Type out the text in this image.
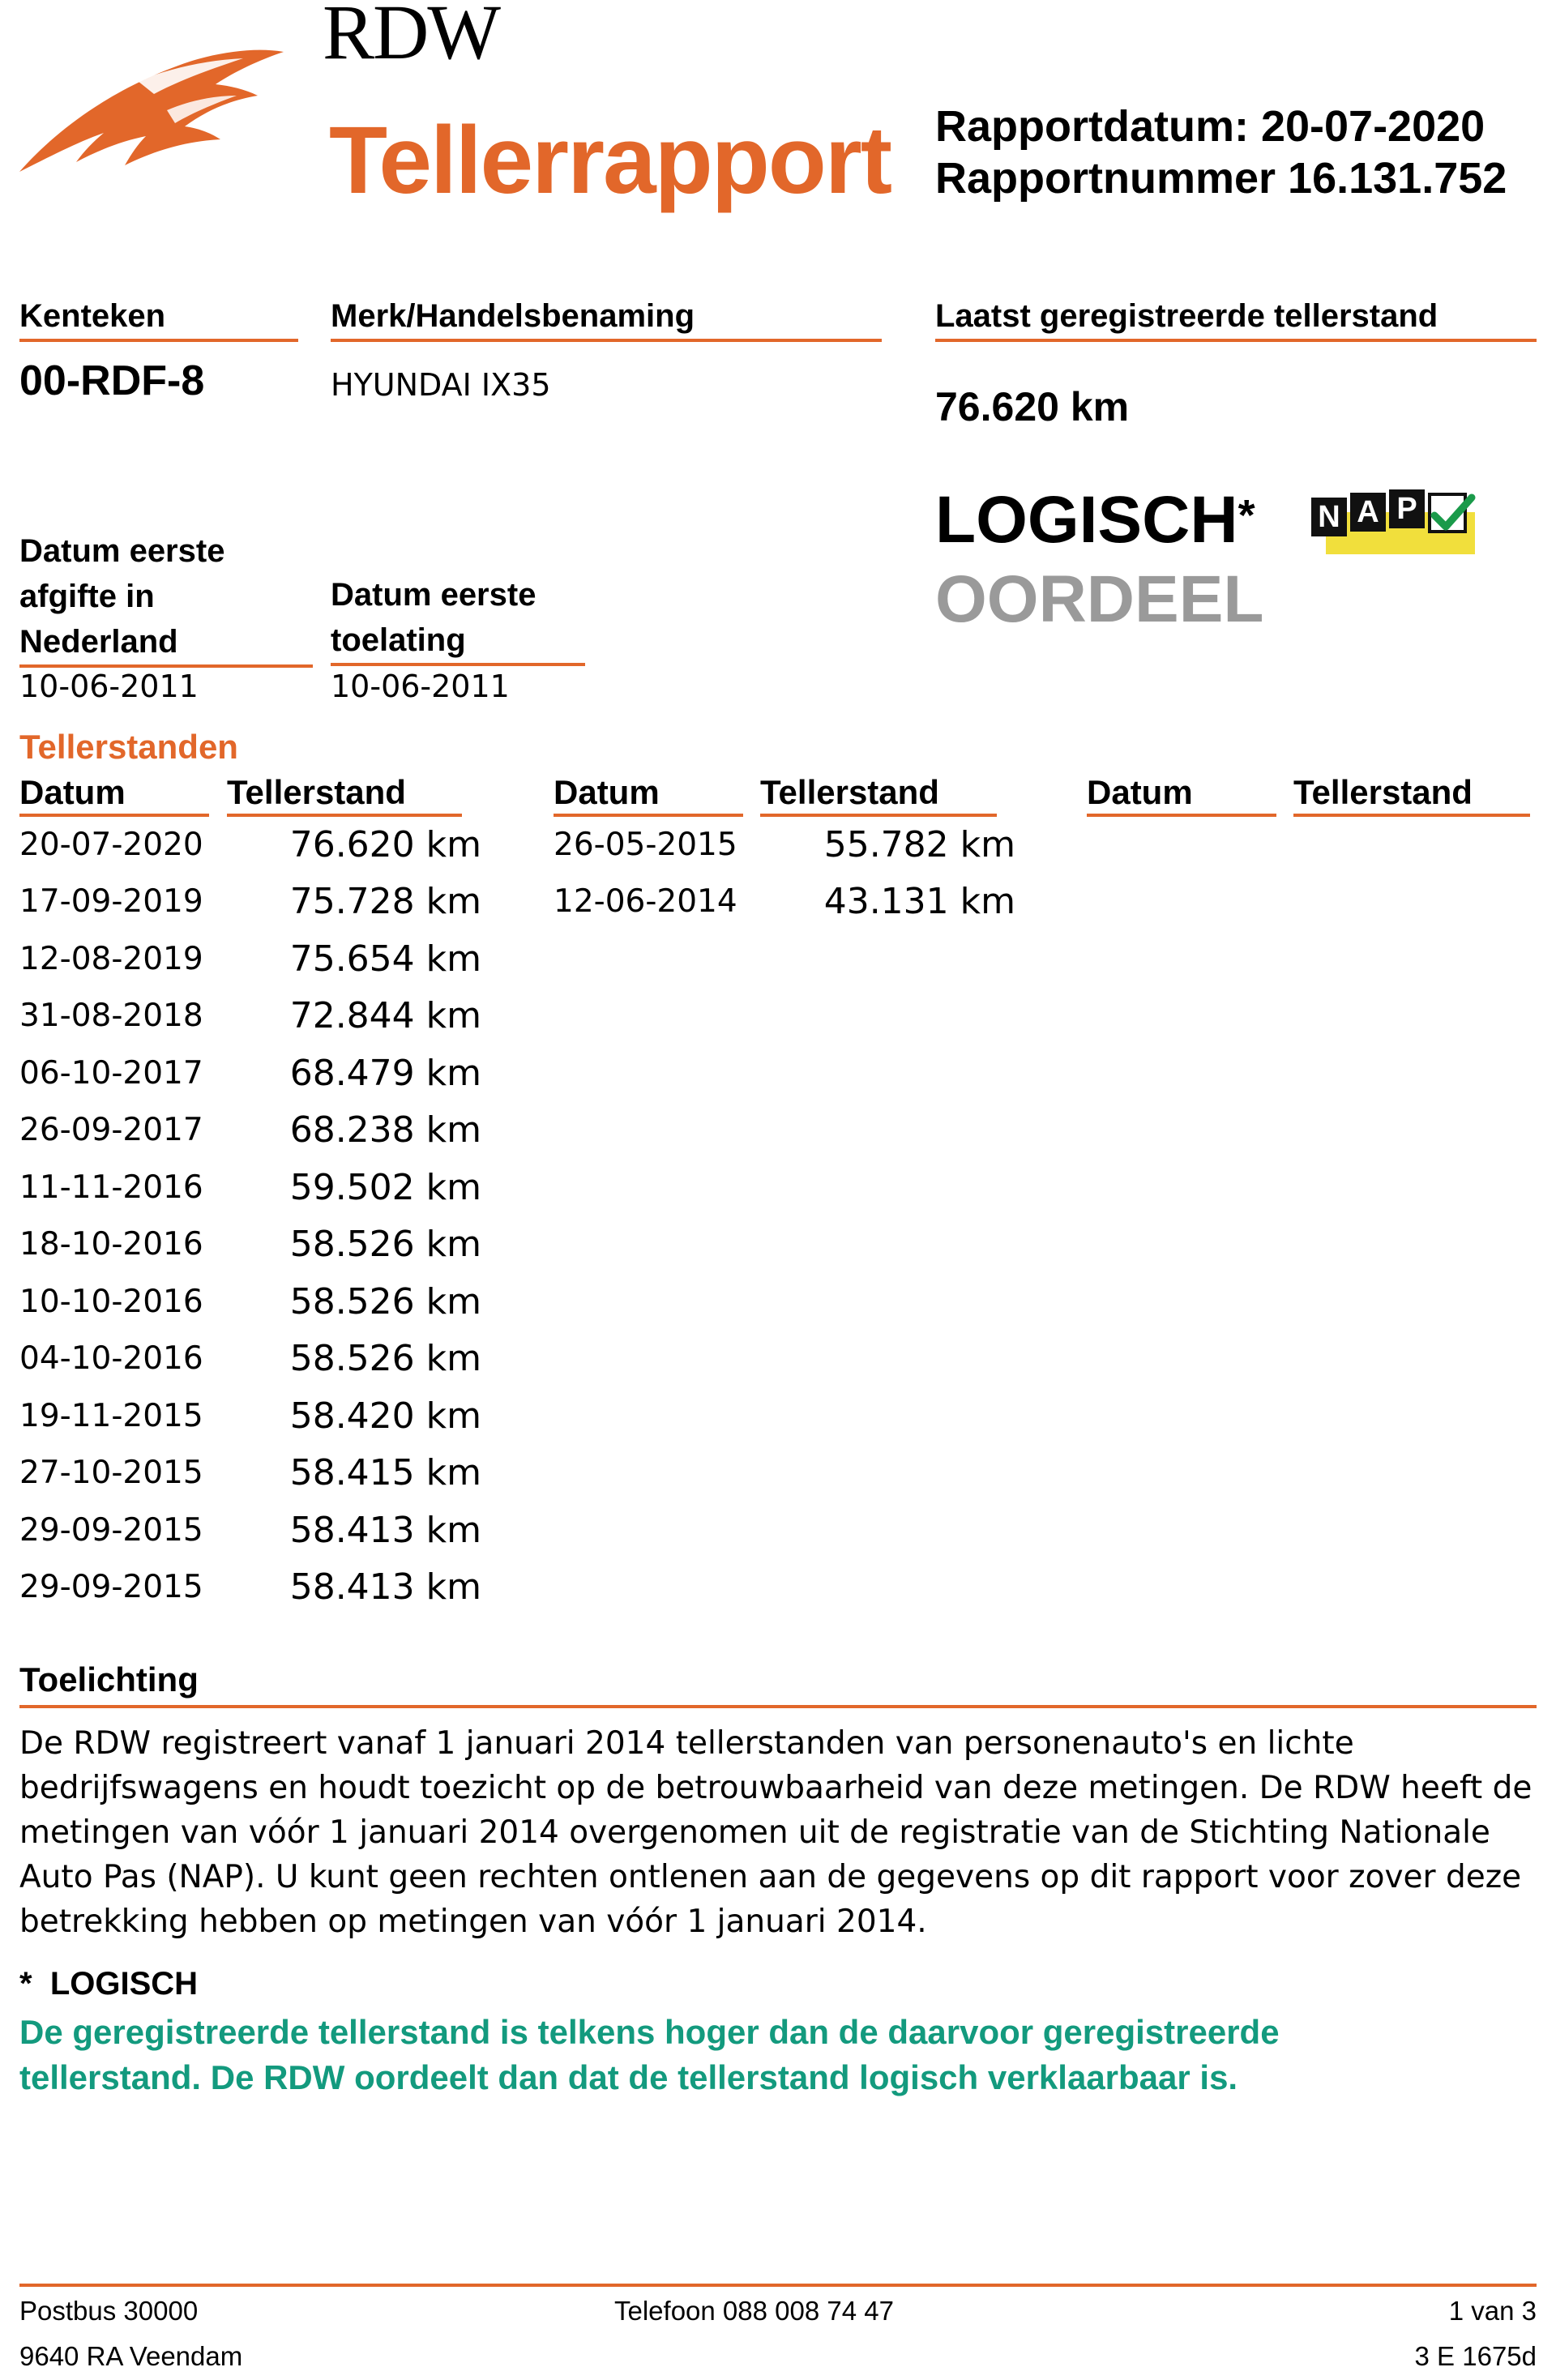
RDW
Tellerrapport Rapportdatum: 20-07-2020
Rapportnummer 16.131.752
Kenteken
00-RDF-8
Merk/Handelsbenaming
HYUNDAI IX35
Laatst geregistreerde tellerstand
76.620 km
Datum eerste afgifte in Nederland
10-06-2011
Datum eerste toelating
10-06-2011
LOGISCH*
OORDEEL
N A P
Tellerstanden
Datum	Tellerstand	Datum	Tellerstand	Datum	Tellerstand
20-07-2020	76.620 km
17-09-2019	75.728 km
12-08-2019	75.654 km
31-08-2018	72.844 km
06-10-2017	68.479 km
26-09-2017	68.238 km
11-11-2016	59.502 km
18-10-2016	58.526 km
10-10-2016	58.526 km
04-10-2016	58.526 km
19-11-2015	58.420 km
27-10-2015	58.415 km
29-09-2015	58.413 km
29-09-2015	58.413 km
26-05-2015	55.782 km
12-06-2014	43.131 km
Toelichting
De RDW registreert vanaf 1 januari 2014 tellerstanden van personenauto's en lichte bedrijfswagens en houdt toezicht op de betrouwbaarheid van deze metingen. De RDW heeft de metingen van vóór 1 januari 2014 overgenomen uit de registratie van de Stichting Nationale Auto Pas (NAP). U kunt geen rechten ontlenen aan de gegevens op dit rapport voor zover deze betrekking hebben op metingen van vóór 1 januari 2014.
* LOGISCH
De geregistreerde tellerstand is telkens hoger dan de daarvoor geregistreerde tellerstand. De RDW oordeelt dan dat de tellerstand logisch verklaarbaar is.
Postbus 30000
9640 RA Veendam
Telefoon 088 008 74 47	1 van 3
3 E 1675d
